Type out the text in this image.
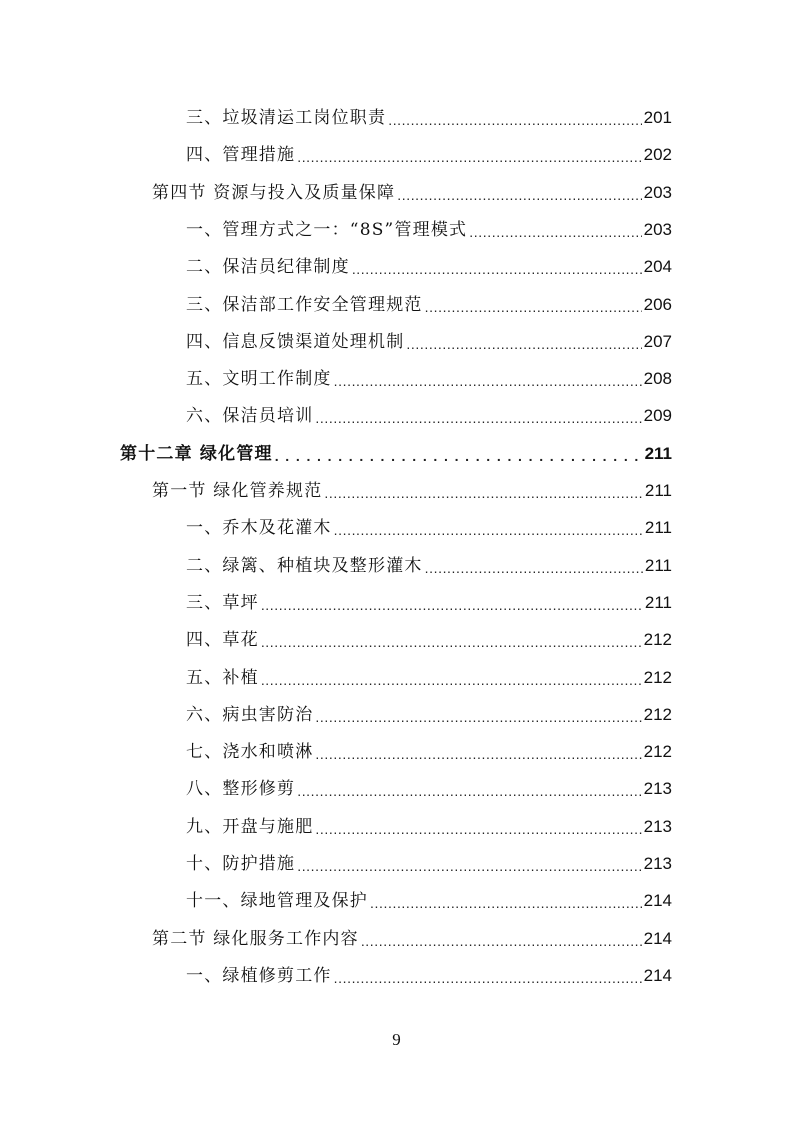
三、垃圾清运工岗位职责 .....	201
四、管理措施 .....	202
第四节 资源与投入及质量保障 .....	203
一、管理方式之一：“8S”管理模式 .....	203
二、保洁员纪律制度 .....	204
三、保洁部工作安全管理规范 .....	206
四、信息反馈渠道处理机制 .....	207
五、文明工作制度 .....	208
六、保洁员培训 .....	209
第十二章 绿化管理 . . .	211
第一节 绿化管养规范 .....	211
一、乔木及花灌木 .....	211
二、绿篱、种植块及整形灌木 .....	211
三、草坪 .....	211
四、草花 .....	212
五、补植 .....	212
六、病虫害防治 .....	212
七、浇水和喷淋 .....	212
八、整形修剪 .....	213
九、开盘与施肥 .....	213
十、防护措施 .....	213
十一、绿地管理及保护 .....	214
第二节 绿化服务工作内容 .....	214
一、绿植修剪工作 .....	214
9
